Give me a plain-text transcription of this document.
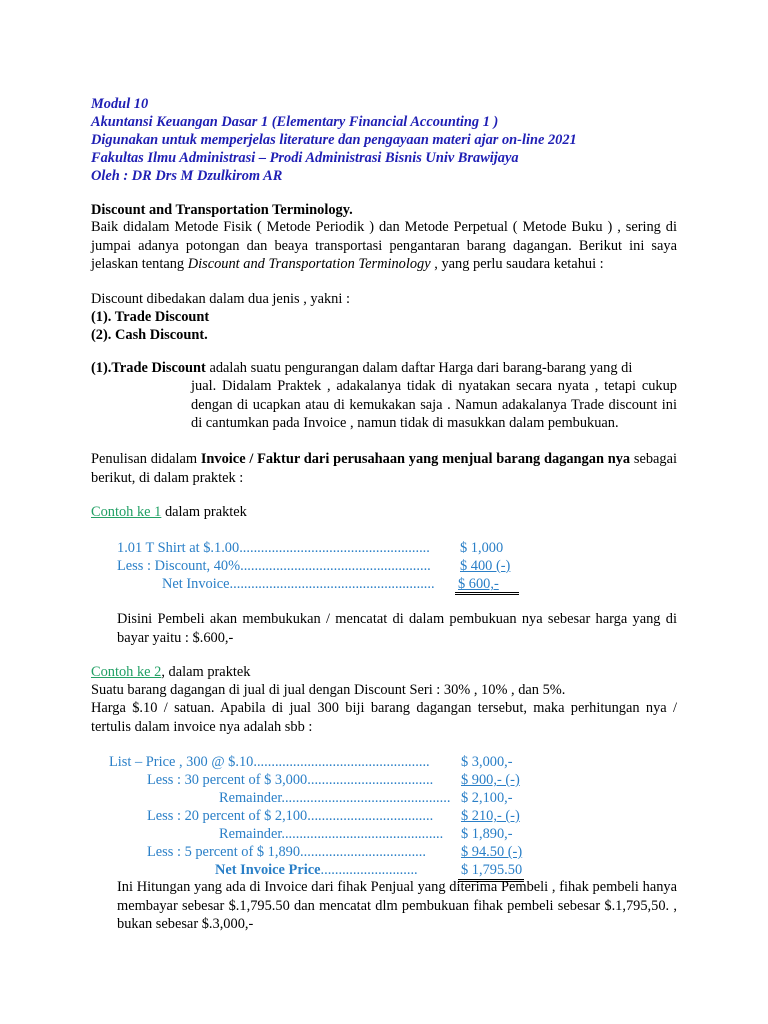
Modul 10
Akuntansi Keuangan Dasar 1 (Elementary Financial Accounting 1 )
Digunakan untuk memperjelas literature dan pengayaan materi ajar on-line 2021
Fakultas Ilmu Administrasi – Prodi Administrasi Bisnis Univ Brawijaya
Oleh : DR Drs M Dzulkirom AR
Discount and Transportation Terminology.
Baik didalam Metode Fisik ( Metode Periodik ) dan Metode Perpetual ( Metode Buku ) , sering di jumpai adanya potongan dan beaya transportasi pengantaran barang dagangan. Berikut ini saya jelaskan tentang Discount and Transportation Terminology , yang perlu saudara ketahui :
Discount dibedakan dalam dua jenis , yakni :
(1). Trade Discount
(2). Cash Discount.
(1).Trade Discount adalah suatu pengurangan dalam daftar Harga dari barang-barang yang di
jual. Didalam Praktek , adakalanya tidak di nyatakan secara nyata , tetapi cukup dengan di ucapkan atau di kemukakan saja . Namun adakalanya Trade discount ini di cantumkan pada Invoice , namun tidak di masukkan dalam pembukuan.
Penulisan didalam Invoice / Faktur dari perusahaan yang menjual barang dagangan nya sebagai berikut, di dalam praktek :
Contoh ke 1 dalam praktek
1.01 T Shirt at $.1.00..................................................... $ 1,000
Less : Discount, 40%..................................................... $ 400 (-)
Net Invoice......................................................... $ 600,-
Disini Pembeli akan membukukan / mencatat di dalam pembukuan nya sebesar harga yang di bayar yaitu : $.600,-
Contoh ke 2, dalam praktek
Suatu barang dagangan di jual di jual dengan Discount Seri : 30% , 10% , dan 5%.
Harga $.10 / satuan. Apabila di jual 300 biji barang dagangan tersebut, maka perhitungan nya / tertulis dalam invoice nya adalah sbb :
List – Price , 300 @ $.10................................................. $ 3,000,-
Less : 30 percent of $ 3,000................................... $ 900,- (-)
Remainder............................................... $ 2,100,-
Less : 20 percent of $ 2,100................................... $ 210,- (-)
Remainder............................................. $ 1,890,-
Less : 5 percent of $ 1,890................................... $ 94.50 (-)
Net Invoice Price...........................	$ 1,795.50
Ini Hitungan yang ada di Invoice dari fihak Penjual yang diterima Pembeli , fihak pembeli hanya membayar sebesar $.1,795.50 dan mencatat dlm pembukuan fihak pembeli sebesar $.1,795,50. , bukan sebesar $.3,000,-
